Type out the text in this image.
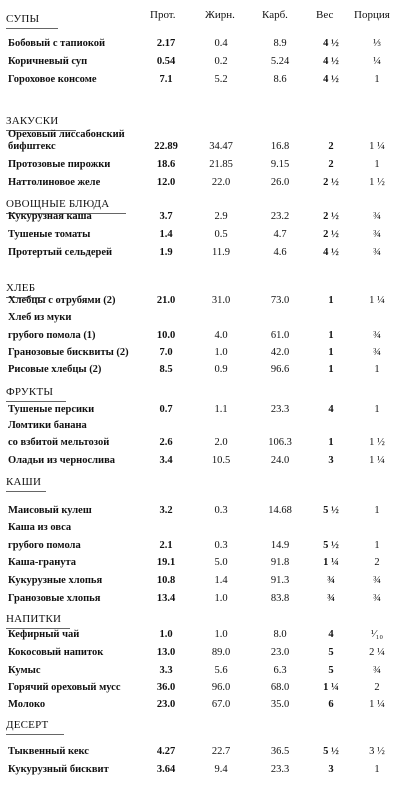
Прот.	Жирн. Карб.	Вес Порция
СУПЫ
Бобовый с тапиокой	2.17	0.4	8.9	4 ½	⅓
Коричневый суп	0.54	0.2	5.24	4 ½	¼
Гороховое консоме	7.1	5.2	8.6	4 ½	1
ЗАКУСКИ
Ореховый лиссабонский
бифштекс	22.89	34.47	16.8	2	1 ¼
Протозовые пирожки	18.6	21.85	9.15	2	1
Наттолиновое желе	12.0	22.0	26.0	2 ½	1 ½
ОВОЩНЫЕ БЛЮДА
Кукурузная каша	3.7	2.9	23.2	2 ½	¾
Тушеные томаты	1.4	0.5	4.7	2 ½	¾
Протертый сельдерей	1.9	11.9	4.6	4 ½	¾
ХЛЕБ
Хлебцы с отрубями (2)	21.0	31.0	73.0	1	1 ¼
Хлеб из муки
грубого помола (1)	10.0	4.0	61.0	1	¾
Гранозовые бисквиты (2)	7.0	1.0	42.0	1	¾
Рисовые хлебцы (2)	8.5	0.9	96.6	1	1
ФРУКТЫ
Тушеные персики	0.7	1.1	23.3	4	1
Ломтики банана
со взбитой мельтозой	2.6	2.0	106.3	1	1 ½
Оладьи из чернослива	3.4	10.5	24.0	3	1 ¼
КАШИ
Маисовый кулеш	3.2	0.3	14.68	5 ½	1
Каша из овса
грубого помола	2.1	0.3	14.9	5 ½	1
Каша-гранута	19.1	5.0	91.8	1 ¼	2
Кукурузные хлопья	10.8	1.4	91.3	¾	¾
Гранозовые хлопья	13.4	1.0	83.8	¾	¾
НАПИТКИ
Кефирный чай	1.0	1.0	8.0	4	¹⁄₁₀
Кокосовый напиток	13.0	89.0	23.0	5	2 ¼
Кумыс	3.3	5.6	6.3	5	¾
Горячий ореховый мусс	36.0	96.0	68.0	1 ¼	2
Молоко	23.0	67.0	35.0	6	1 ¼
ДЕСЕРТ
Тыквенный кекс	4.27	22.7	36.5	5 ½	3 ½
Кукурузный бисквит	3.64	9.4	23.3	3	1
